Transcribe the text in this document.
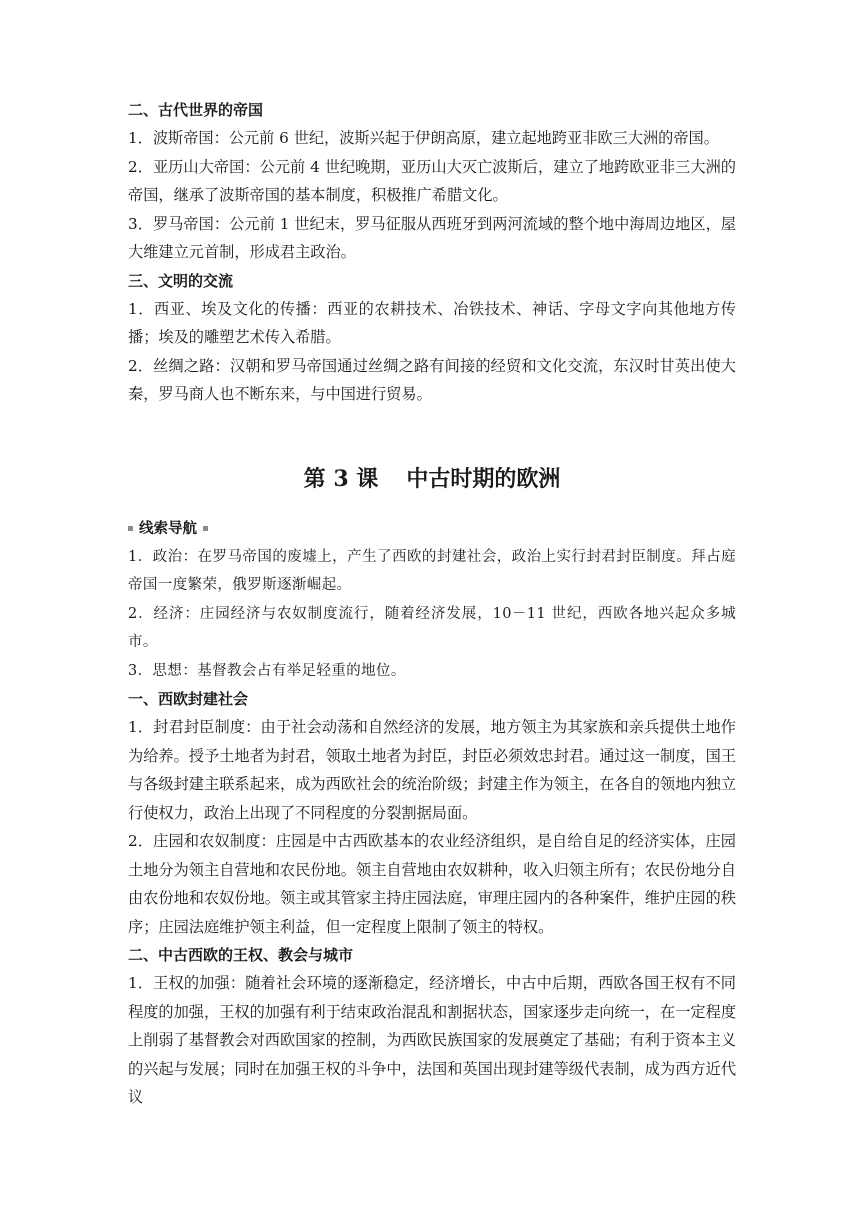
二、古代世界的帝国

1．波斯帝国：公元前 6 世纪，波斯兴起于伊朗高原，建立起地跨亚非欧三大洲的帝国。

2．亚历山大帝国：公元前 4 世纪晚期，亚历山大灭亡波斯后，建立了地跨欧亚非三大洲的帝国，继承了波斯帝国的基本制度，积极推广希腊文化。

3．罗马帝国：公元前 1 世纪末，罗马征服从西班牙到两河流域的整个地中海周边地区，屋大维建立元首制，形成君主政治。

三、文明的交流

1．西亚、埃及文化的传播：西亚的农耕技术、冶铁技术、神话、字母文字向其他地方传播；埃及的雕塑艺术传入希腊。

2．丝绸之路：汉朝和罗马帝国通过丝绸之路有间接的经贸和文化交流，东汉时甘英出使大秦，罗马商人也不断东来，与中国进行贸易。

第 3 课 中古时期的欧洲

线索导航

1．政治：在罗马帝国的废墟上，产生了西欧的封建社会，政治上实行封君封臣制度。拜占庭帝国一度繁荣，俄罗斯逐渐崛起。

2．经济：庄园经济与农奴制度流行，随着经济发展，10－11 世纪，西欧各地兴起众多城市。

3．思想：基督教会占有举足轻重的地位。

一、西欧封建社会

1．封君封臣制度：由于社会动荡和自然经济的发展，地方领主为其家族和亲兵提供土地作为给养。授予土地者为封君，领取土地者为封臣，封臣必须效忠封君。通过这一制度，国王与各级封建主联系起来，成为西欧社会的统治阶级；封建主作为领主，在各自的领地内独立行使权力，政治上出现了不同程度的分裂割据局面。

2．庄园和农奴制度：庄园是中古西欧基本的农业经济组织，是自给自足的经济实体，庄园土地分为领主自营地和农民份地。领主自营地由农奴耕种，收入归领主所有；农民份地分自由农份地和农奴份地。领主或其管家主持庄园法庭，审理庄园内的各种案件，维护庄园的秩序；庄园法庭维护领主利益，但一定程度上限制了领主的特权。

二、中古西欧的王权、教会与城市

1．王权的加强：随着社会环境的逐渐稳定，经济增长，中古中后期，西欧各国王权有不同程度的加强，王权的加强有利于结束政治混乱和割据状态，国家逐步走向统一，在一定程度上削弱了基督教会对西欧国家的控制，为西欧民族国家的发展奠定了基础；有利于资本主义的兴起与发展；同时在加强王权的斗争中，法国和英国出现封建等级代表制，成为西方近代议
